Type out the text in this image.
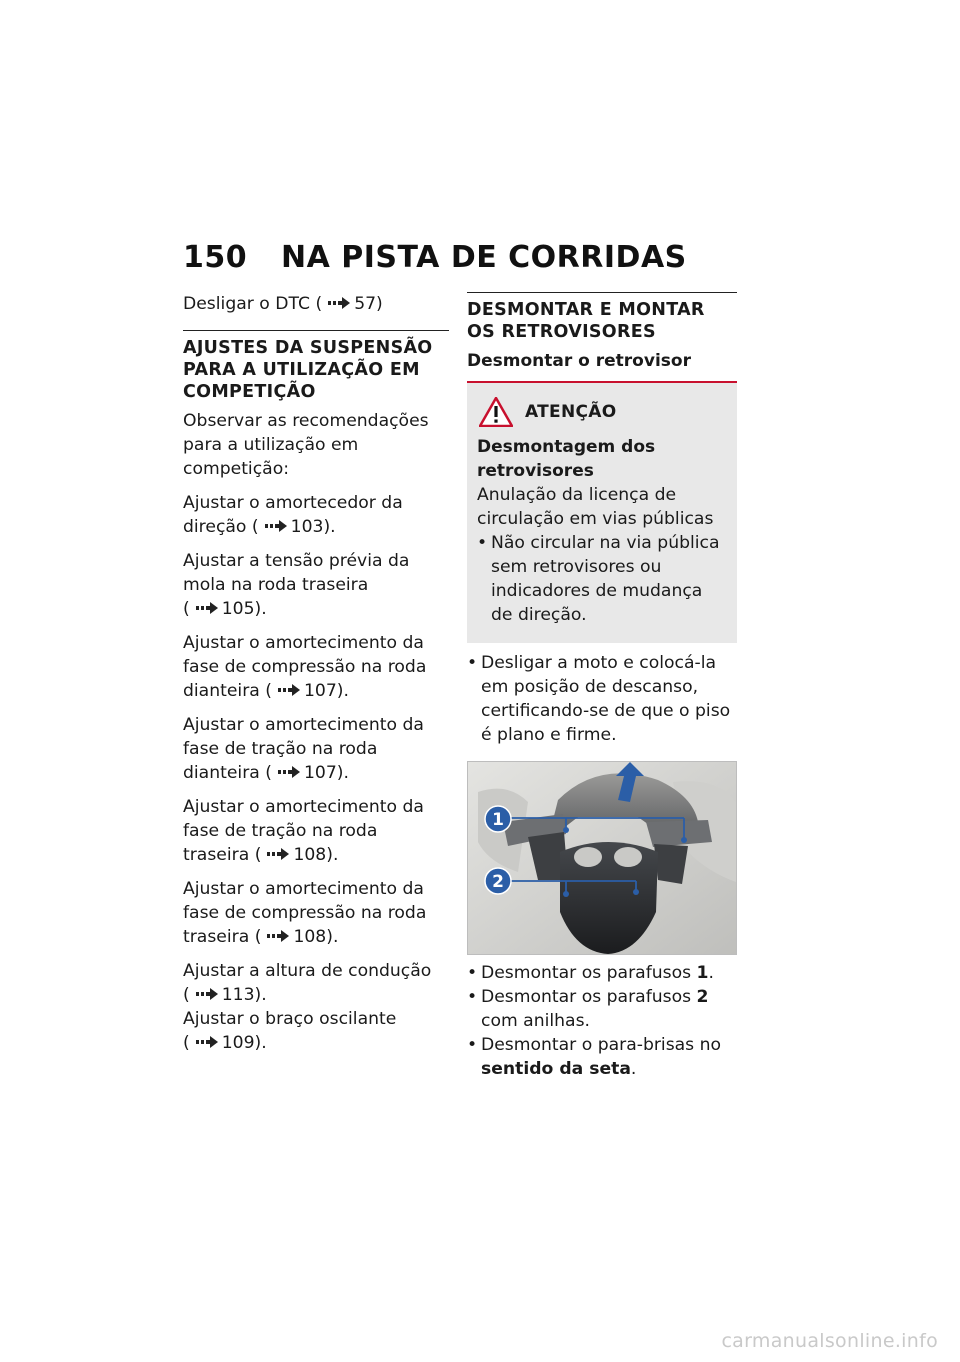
150 NA PISTA DE CORRIDAS

Desligar o DTC ( 57)

AJUSTES DA SUSPENSÃO PARA A UTILIZAÇÃO EM COMPETIÇÃO

Observar as recomendações para a utilização em competição:

Ajustar o amortecedor da direção ( 103).

Ajustar a tensão prévia da mola na roda traseira ( 105).

Ajustar o amortecimento da fase de compressão na roda dianteira ( 107).

Ajustar o amortecimento da fase de tração na roda dianteira ( 107).

Ajustar o amortecimento da fase de tração na roda traseira ( 108).

Ajustar o amortecimento da fase de compressão na roda traseira ( 108).

Ajustar a altura de condução ( 113).

Ajustar o braço oscilante ( 109).

DESMONTAR E MONTAR OS RETROVISORES
Desmontar o retrovisor
ATENÇÃO
Desmontagem dos retrovisores
Anulação da licença de circulação em vias públicas
• Não circular na via pública sem retrovisores ou indicadores de mudança de direção.
• Desligar a moto e colocá-la em posição de descanso, certificando-se de que o piso é plano e firme.
1
2
• Desmontar os parafusos 1.
• Desmontar os parafusos 2 com anilhas.
• Desmontar o para-brisas no sentido da seta.
carmanualsonline.info
